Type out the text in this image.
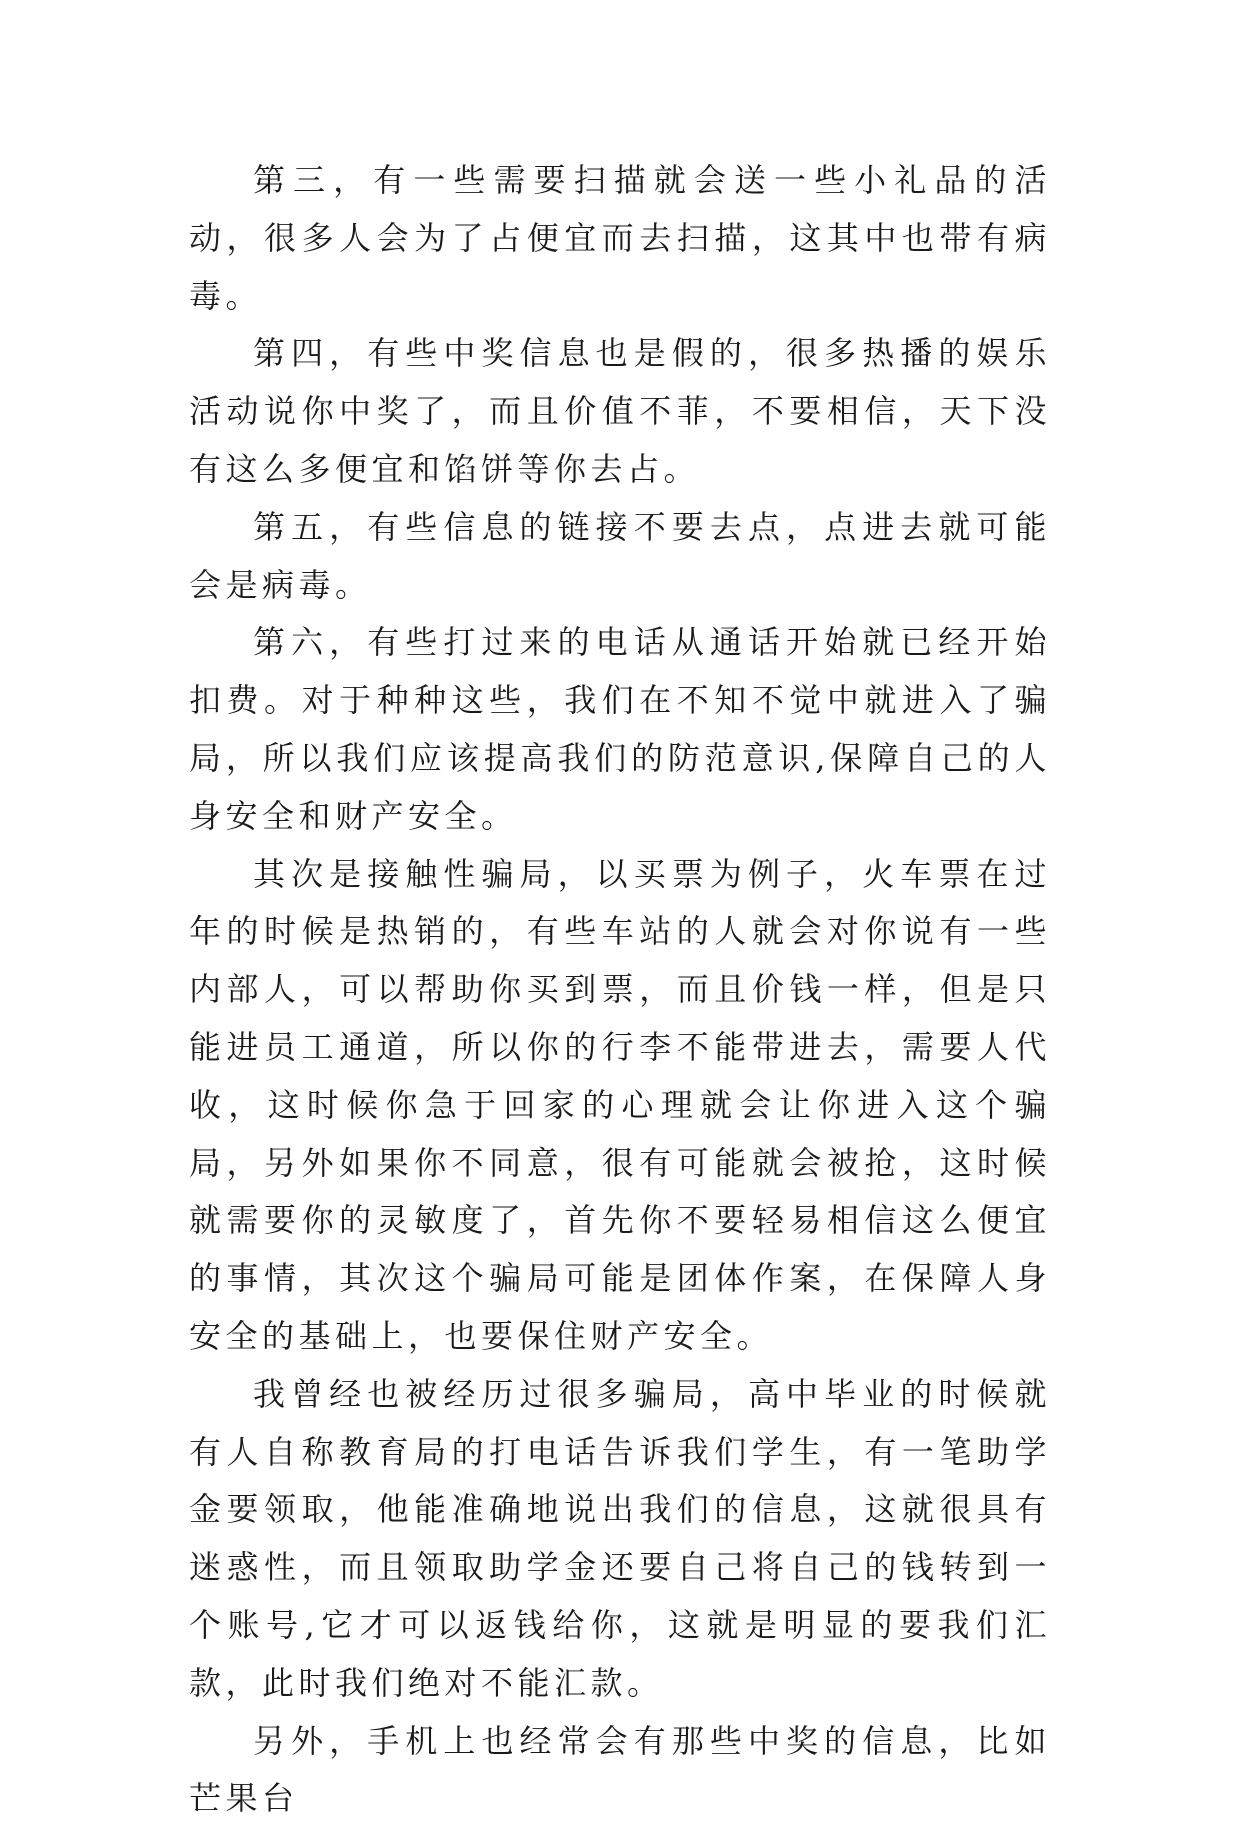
第三，有一些需要扫描就会送一些小礼品的活动，很多人会为了占便宜而去扫描，这其中也带有病毒。

第四，有些中奖信息也是假的，很多热播的娱乐活动说你中奖了，而且价值不菲，不要相信，天下没有这么多便宜和馅饼等你去占。

第五，有些信息的链接不要去点，点进去就可能会是病毒。

第六，有些打过来的电话从通话开始就已经开始扣费。对于种种这些，我们在不知不觉中就进入了骗局，所以我们应该提高我们的防范意识,保障自己的人身安全和财产安全。

其次是接触性骗局，以买票为例子，火车票在过年的时候是热销的，有些车站的人就会对你说有一些内部人，可以帮助你买到票，而且价钱一样，但是只能进员工通道，所以你的行李不能带进去，需要人代收，这时候你急于回家的心理就会让你进入这个骗局，另外如果你不同意，很有可能就会被抢，这时候就需要你的灵敏度了，首先你不要轻易相信这么便宜的事情，其次这个骗局可能是团体作案，在保障人身安全的基础上，也要保住财产安全。

我曾经也被经历过很多骗局，高中毕业的时候就有人自称教育局的打电话告诉我们学生，有一笔助学金要领取，他能准确地说出我们的信息，这就很具有迷惑性，而且领取助学金还要自己将自己的钱转到一个账号,它才可以返钱给你，这就是明显的要我们汇款，此时我们绝对不能汇款。

另外，手机上也经常会有那些中奖的信息，比如芒果台
